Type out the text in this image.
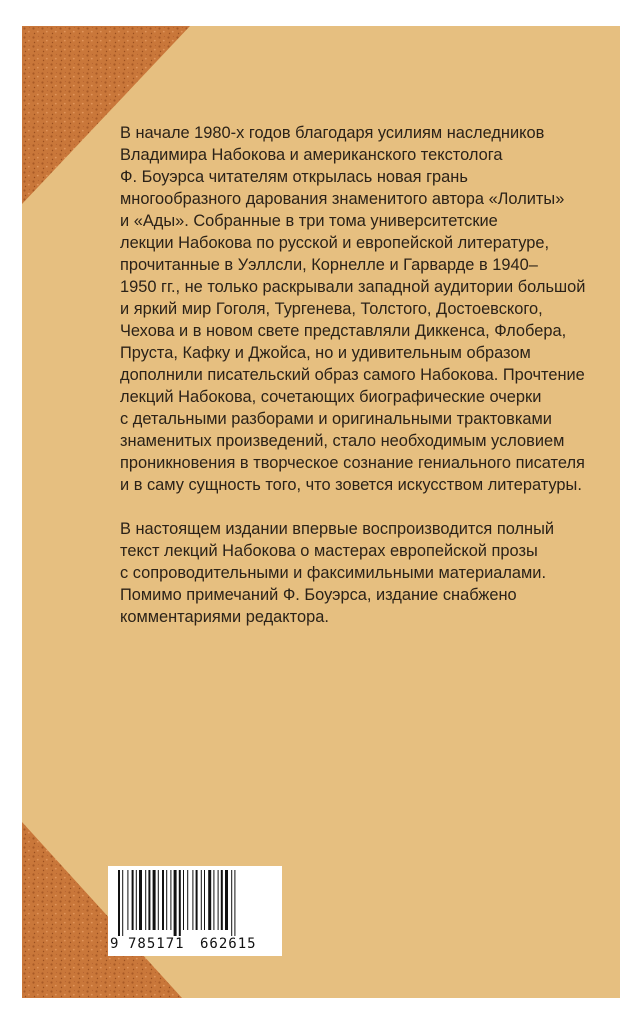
В начале 1980-х годов благодаря усилиям наследников
Владимира Набокова и американского текстолога
Ф. Боуэрса читателям открылась новая грань
многообразного дарования знаменитого автора «Лолиты»
и «Ады». Собранные в три тома университетские
лекции Набокова по русской и европейской литературе,
прочитанные в Уэллсли, Корнелле и Гарварде в 1940–
1950 гг., не только раскрывали западной аудитории большой
и яркий мир Гоголя, Тургенева, Толстого, Достоевского,
Чехова и в новом свете представляли Диккенса, Флобера,
Пруста, Кафку и Джойса, но и удивительным образом
дополнили писательский образ самого Набокова. Прочтение
лекций Набокова, сочетающих биографические очерки
с детальными разборами и оригинальными трактовками
знаменитых произведений, стало необходимым условием
проникновения в творческое сознание гениального писателя
и в саму сущность того, что зовется искусством литературы.

В настоящем издании впервые воспроизводится полный
текст лекций Набокова о мастерах европейской прозы
с сопроводительными и факсимильными материалами.
Помимо примечаний Ф. Боуэрса, издание снабжено
комментариями редактора.

9

785171

662615
